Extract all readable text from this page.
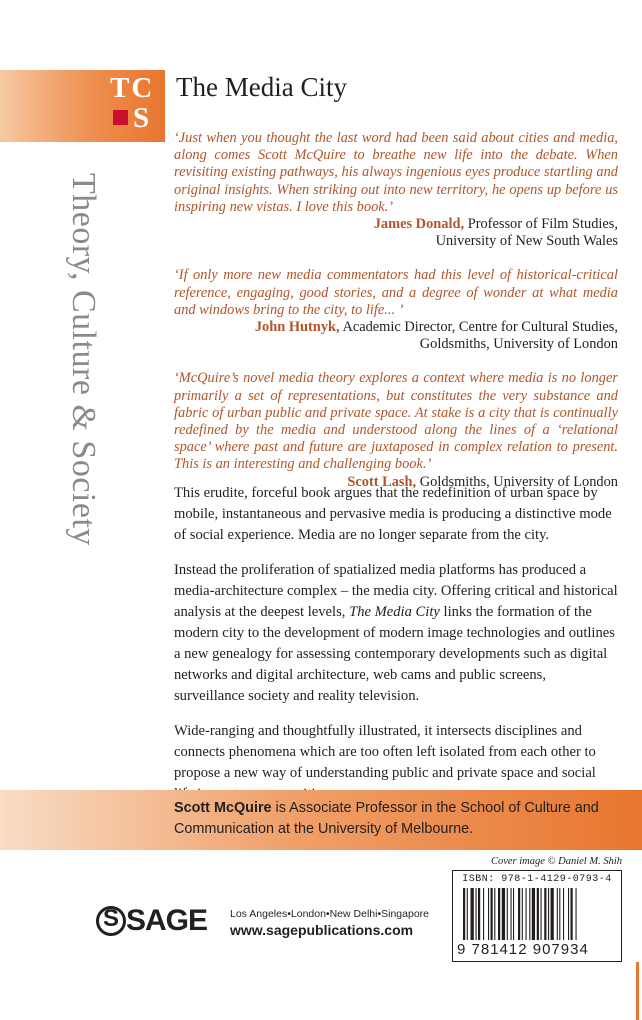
TC
S
The Media City
Theory, Culture & Society

‘Just when you thought the last word had been said about cities and media, along comes Scott McQuire to breathe new life into the debate. When revisiting existing pathways, his always ingenious eyes produce startling and original insights. When striking out into new territory, he opens up before us inspiring new vistas. I love this book.’

James Donald, Professor of Film Studies,

University of New South Wales

‘If only more new media commentators had this level of historical-critical reference, engaging, good stories, and a degree of wonder at what media and windows bring to the city, to life... ’

John Hutnyk, Academic Director, Centre for Cultural Studies,

Goldsmiths, University of London

‘McQuire’s novel media theory explores a context where media is no longer primarily a set of representations, but constitutes the very substance and fabric of urban public and private space. At stake is a city that is continually redefined by the media and understood along the lines of a ‘relational space’ where past and future are juxtaposed in complex relation to present. This is an interesting and challenging book.’

Scott Lash, Goldsmiths, University of London

This erudite, forceful book argues that the redefinition of urban space by mobile, instantaneous and pervasive media is producing a distinctive mode of social experience. Media are no longer separate from the city.

Instead the proliferation of spatialized media platforms has produced a media-architecture complex – the media city. Offering critical and historical analysis at the deepest levels, The Media City links the formation of the modern city to the development of modern image technologies and outlines a new genealogy for assessing contemporary developments such as digital networks and digital architecture, web cams and public screens, surveillance society and reality television.

Wide-ranging and thoughtfully illustrated, it intersects disciplines and connects phenomena which are too often left isolated from each other to propose a new way of understanding public and private space and social

Scott McQuire is Associate Professor in the School of Culture and Communication at the University of Melbourne.
Cover image © Daniel M. Shih
ISBN: 978-1-4129-0793-4
9 781412 907934
S SAGE Los Angeles•London•New Delhi•Singapore
www.sagepublications.com
